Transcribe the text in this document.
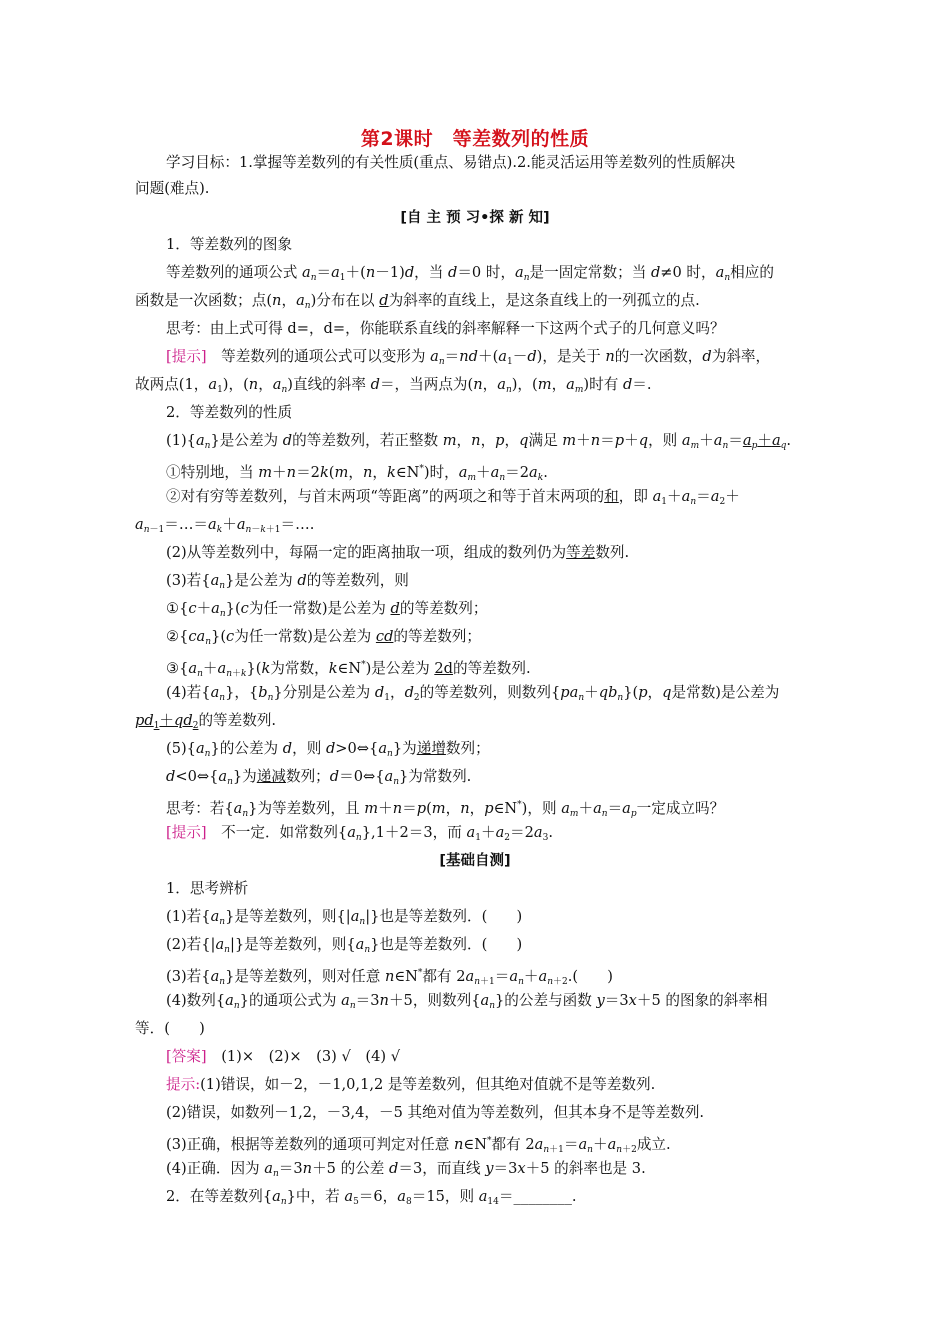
第2课时　等差数列的性质
学习目标：1.掌握等差数列的有关性质(重点、易错点).2.能灵活运用等差数列的性质解决
问题(难点).
[自 主 预 习•探 新 知]
1．等差数列的图象
等差数列的通项公式 $a_n=a_1+(n-1)d$，当 d＝0 时，$a_n$是一固定常数；当 d≠0 时，$a_n$相应的
函数是一次函数；点(n，$a_n$)分布在以 d为斜率的直线上，是这条直线上的一列孤立的点.
思考：由上式可得 d=，d=，你能联系直线的斜率解释一下这两个式子的几何意义吗？
[提示]　等差数列的通项公式可以变形为 $a_n=nd+(a_1-d)$，是关于 n的一次函数，d为斜率，
故两点(1，$a_1$)，(n，$a_n$)直线的斜率 d＝，当两点为(n，$a_n$)，(m，$a_m$)时有 d＝.
2．等差数列的性质
$(1)\{a_n\}$是公差为 d的等差数列，若正整数 m，n，p，q满足 m＋n＝p＋q，则 $a_m+a_n=a_p+a_q$.
①特别地，当 m＋n＝2k(m，n，k∈N*)时，$a_m+a_n=2a_k$.
②对有穷等差数列，与首末两项“等距离”的两项之和等于首末两项的和，即 $a_1+a_n=a_2+$
$a_{n-1}=\dots=a_k+a_{n-k+1}=\dots$.
(2)从等差数列中，每隔一定的距离抽取一项，组成的数列仍为等差数列.
(3)若$\{a_n\}$是公差为 d的等差数列，则
$①\{c+a_n\}(c$为任一常数)是公差为 d的等差数列；
$②\{ca_n\}(c$为任一常数)是公差为 cd的等差数列；
$③\{a_n+a_{n+k}\}(k$为常数，k∈N*)是公差为 2d的等差数列.
(4)若$\{a_n\}$，$\{b_n\}$分别是公差为 $d_1$，$d_2$的等差数列，则数列$\{pa_n+qb_n\}(p$，q是常数)是公差为
$pd_1+qd_2$的等差数列.
$(5)\{a_n\}$的公差为 d，则 $d>0\Leftrightarrow\{a_n\}$为递增数列；
$d<0\Leftrightarrow\{a_n\}$为递减数列；$d=0\Leftrightarrow\{a_n\}$为常数列.
思考：若$\{a_n\}$为等差数列，且 m＋n＝p(m，n，p∈N*)，则 $a_m+a_n=a_p$一定成立吗？
[提示]　不一定．如常数列$\{a_n\},1+2=3$，而 $a_1+a_2=2a_3$.
[基础自测]
1．思考辨析
(1)若$\{a_n\}$是等差数列，则$\{|a_n|\}$也是等差数列．(　　)
(2)若$\{|a_n|\}$是等差数列，则$\{a_n\}$也是等差数列．(　　)
(3)若$\{a_n\}$是等差数列，则对任意 n∈N*都有 $2a_{n+1}=a_n+a_{n+2}$.(　　)
(4)数列$\{a_n\}$的通项公式为 $a_n=3n+5$，则数列$\{a_n\}$的公差与函数 y＝3x＋5 的图象的斜率相
等．(　　)
[答案]　 (1)×　(2)×　(3) √　(4) √
提示:(1)错误，如－2，－1,0,1,2 是等差数列，但其绝对值就不是等差数列.
(2)错误，如数列－1,2，－3,4，－5 其绝对值为等差数列，但其本身不是等差数列.
(3)正确，根据等差数列的通项可判定对任意 n∈N*都有 $2a_{n+1}=a_n+a_{n+2}$成立.
(4)正确．因为 $a_n=3n+5$ 的公差 d＝3，而直线 y＝3x＋5 的斜率也是 3.
2．在等差数列$\{a_n\}$中，若 $a_5=6$，$a_8=15$，则 $a_{14}=\_\_\_\_\_\_\_\_$.
